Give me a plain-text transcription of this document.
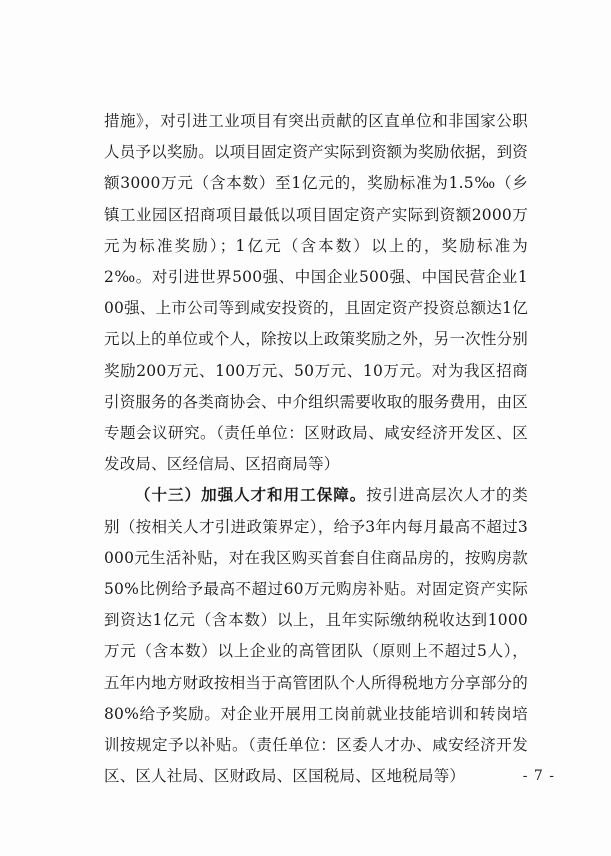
措施》，对引进工业项目有突出贡献的区直单位和非国家公职人员予以奖励。以项目固定资产实际到资额为奖励依据，到资额3000万元（含本数）至1亿元的，奖励标准为1.5‰（乡镇工业园区招商项目最低以项目固定资产实际到资额2000万元为标准奖励）；1亿元（含本数）以上的，奖励标准为2‰。对引进世界500强、中国企业500强、中国民营企业100强、上市公司等到咸安投资的，且固定资产投资总额达1亿元以上的单位或个人，除按以上政策奖励之外，另一次性分别奖励200万元、100万元、50万元、10万元。对为我区招商引资服务的各类商协会、中介组织需要收取的服务费用，由区专题会议研究。（责任单位：区财政局、咸安经济开发区、区发改局、区经信局、区招商局等）

（十三）加强人才和用工保障。按引进高层次人才的类别（按相关人才引进政策界定），给予3年内每月最高不超过3000元生活补贴，对在我区购买首套自住商品房的，按购房款50%比例给予最高不超过60万元购房补贴。对固定资产实际到资达1亿元（含本数）以上，且年实际缴纳税收达到1000万元（含本数）以上企业的高管团队（原则上不超过5人），五年内地方财政按相当于高管团队个人所得税地方分享部分的80%给予奖励。对企业开展用工岗前就业技能培训和转岗培训按规定予以补贴。（责任单位：区委人才办、咸安经济开发区、区人社局、区财政局、区国税局、区地税局等）	- 7 -
